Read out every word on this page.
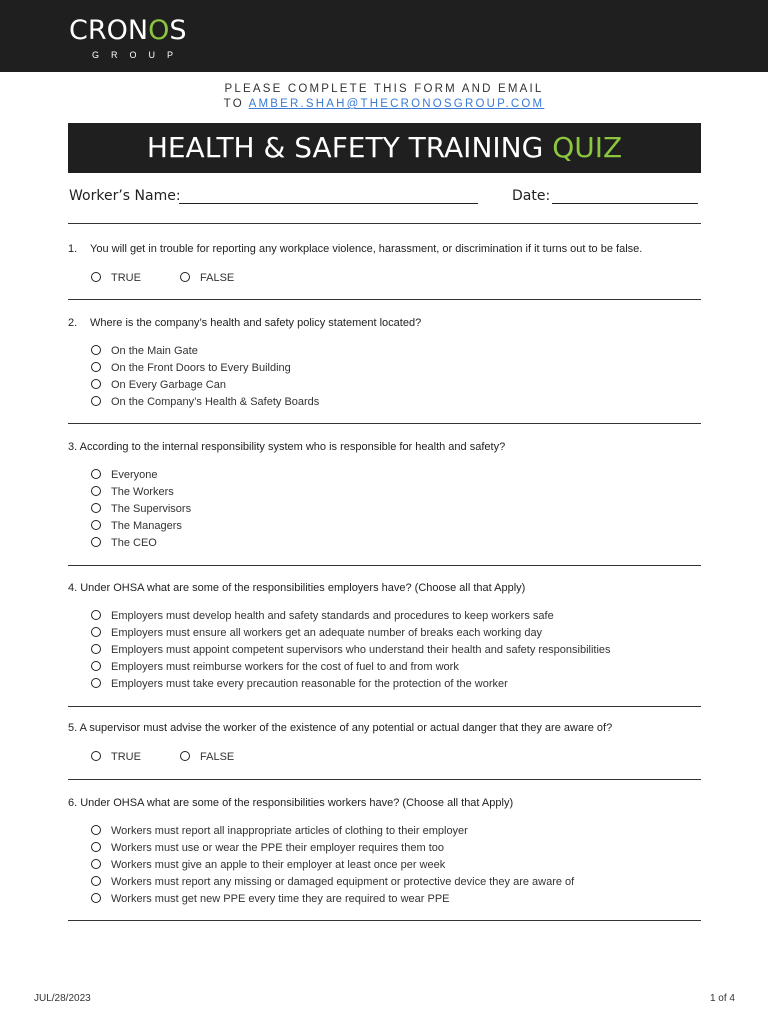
CRONOS
GROUP
PLEASE COMPLETE THIS FORM AND EMAIL
TO AMBER.SHAH@THECRONOSGROUP.COM
HEALTH & SAFETY TRAINING QUIZ
Worker’s Name:	Date:
1. You will get in trouble for reporting any workplace violence, harassment, or discrimination if it turns out to be false.
TRUE	FALSE
2. Where is the company’s health and safety policy statement located?
On the Main Gate
On the Front Doors to Every Building
On Every Garbage Can
On the Company’s Health & Safety Boards
3. According to the internal responsibility system who is responsible for health and safety?
Everyone
The Workers
The Supervisors
The Managers
The CEO
4. Under OHSA what are some of the responsibilities employers have? (Choose all that Apply)
Employers must develop health and safety standards and procedures to keep workers safe
Employers must ensure all workers get an adequate number of breaks each working day
Employers must appoint competent supervisors who understand their health and safety responsibilities
Employers must reimburse workers for the cost of fuel to and from work
Employers must take every precaution reasonable for the protection of the worker
5. A supervisor must advise the worker of the existence of any potential or actual danger that they are aware of?
TRUE	FALSE
6. Under OHSA what are some of the responsibilities workers have? (Choose all that Apply)
Workers must report all inappropriate articles of clothing to their employer
Workers must use or wear the PPE their employer requires them too
Workers must give an apple to their employer at least once per week
Workers must report any missing or damaged equipment or protective device they are aware of
Workers must get new PPE every time they are required to wear PPE
JUL/28/2023	1 of 4
